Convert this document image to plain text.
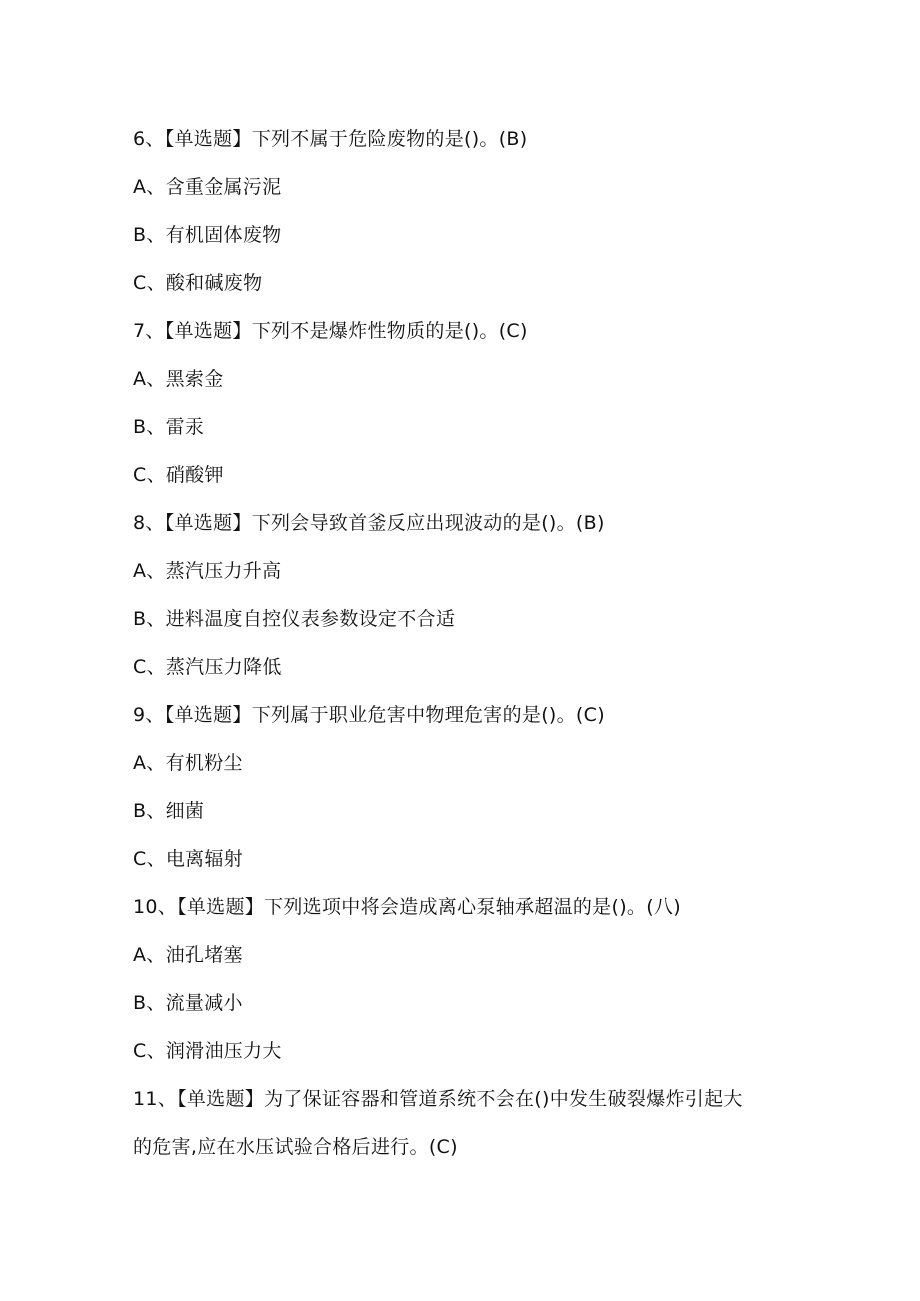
6、【单选题】下列不属于危险废物的是()。(B)
A、含重金属污泥
B、有机固体废物
C、酸和碱废物
7、【单选题】下列不是爆炸性物质的是()。(C)
A、黑索金
B、雷汞
C、硝酸钾
8、【单选题】下列会导致首釜反应出现波动的是()。(B)
A、蒸汽压力升高
B、进料温度自控仪表参数设定不合适
C、蒸汽压力降低
9、【单选题】下列属于职业危害中物理危害的是()。(C)
A、有机粉尘
B、细菌
C、电离辐射
10、【单选题】下列选项中将会造成离心泵轴承超温的是()。(八)
A、油孔堵塞
B、流量减小
C、润滑油压力大
11、【单选题】为了保证容器和管道系统不会在()中发生破裂爆炸引起大
的危害,应在水压试验合格后进行。(C)
